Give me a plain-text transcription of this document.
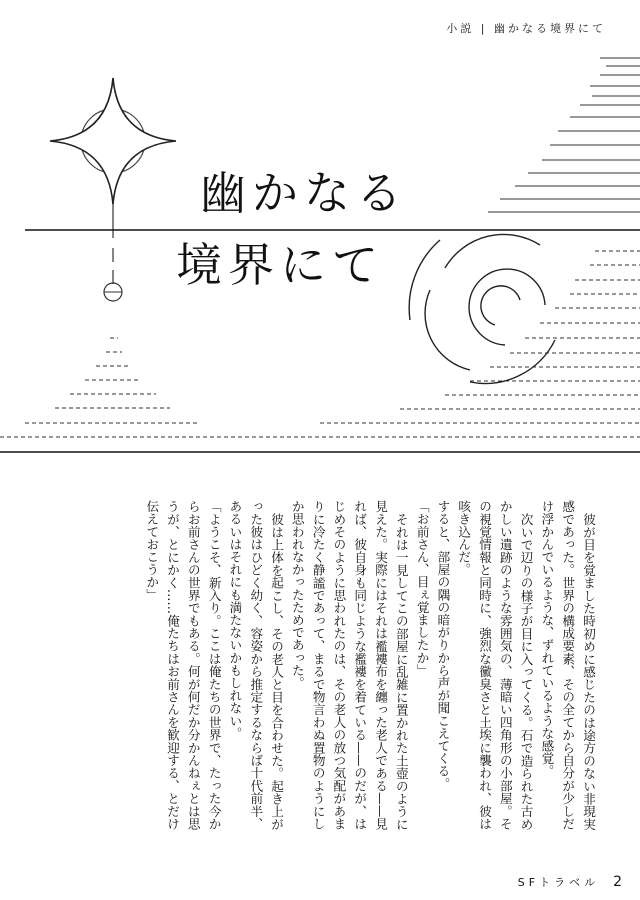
小説 | 幽かなる境界にて
幽かなる
境界にて

彼が目を覚ました時初めに感じたのは途方のない非現実感であった。世界の構成要素、その全てから自分が少しだけ浮かんでいるような、ずれているような感覚。

次いで辺りの様子が目に入ってくる。石で造られた古めかしい遺跡のような雰囲気の、薄暗い四角形の小部屋。その視覚情報と同時に、強烈な黴臭さと土埃に襲われ、彼は咳き込んだ。

すると、部屋の隅の暗がりから声が聞こえてくる。

「お前さん、目ぇ覚ましたか」

それは一見してこの部屋に乱雑に置かれた土壺のように見えた。実際にはそれは襤褸布を纏った老人である——見れば、彼自身も同じような襤褸を着ている——のだが、はじめそのように思われたのは、その老人の放つ気配があまりに冷たく静謐であって、まるで物言わぬ置物のようにしか思われなかったためであった。

彼は上体を起こし、その老人と目を合わせた。起き上がった彼はひどく幼く、容姿から推定するならば十代前半、あるいはそれにも満たないかもしれない。

「ようこそ、新入り。ここは俺たちの世界で、たった今からお前さんの世界でもある。何が何だか分かんねぇとは思うが、とにかく……俺たちはお前さんを歓迎する、とだけ伝えておこうか」

SFトラベル 2
